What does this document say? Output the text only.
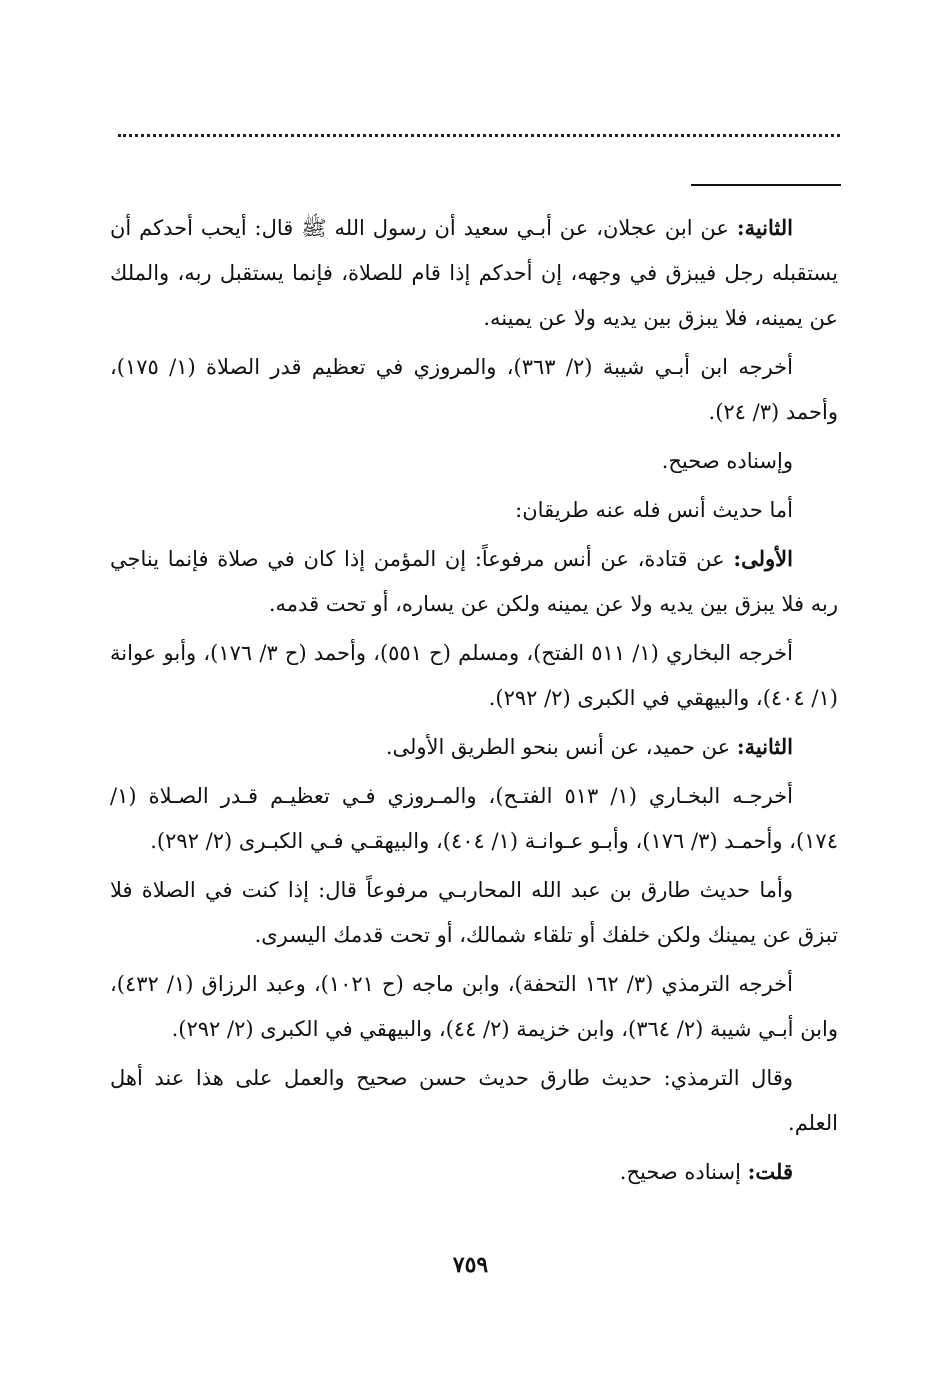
الثانية: عن ابن عجلان، عن أبـي سعيد أن رسول الله ﷺ قال: أيحب أحدكم أن يستقبله رجل فيبزق في وجهه، إن أحدكم إذا قام للصلاة، فإنما يستقبل ربه، والملك عن يمينه، فلا يبزق بين يديه ولا عن يمينه.

أخرجه ابن أبـي شيبة (٢/ ٣٦٣)، والمروزي في تعظيم قدر الصلاة (١/ ١٧٥)، وأحمد (٣/ ٢٤).

وإسناده صحيح.

أما حديث أنس فله عنه طريقان:

الأولى: عن قتادة، عن أنس مرفوعاً: إن المؤمن إذا كان في صلاة فإنما يناجي ربه فلا يبزق بين يديه ولا عن يمينه ولكن عن يساره، أو تحت قدمه.

أخرجه البخاري (١/ ٥١١ الفتح)، ومسلم (ح ٥٥١)، وأحمد (ح ٣/ ١٧٦)، وأبو عوانة (١/ ٤٠٤)، والبيهقي في الكبرى (٢/ ٢٩٢).

الثانية: عن حميد، عن أنس بنحو الطريق الأولى.

أخرجـه البخـاري (١/ ٥١٣ الفتـح)، والمـروزي فـي تعظيـم قـدر الصـلاة (١/ ١٧٤)، وأحمـد (٣/ ١٧٦)، وأبـو عـوانـة (١/ ٤٠٤)، والبيهقـي فـي الكبـرى (٢/ ٢٩٢).

وأما حديث طارق بن عبد الله المحاربـي مرفوعاً قال: إذا كنت في الصلاة فلا تبزق عن يمينك ولكن خلفك أو تلقاء شمالك، أو تحت قدمك اليسرى.

أخرجه الترمذي (٣/ ١٦٢ التحفة)، وابن ماجه (ح ١٠٢١)، وعبد الرزاق (١/ ٤٣٢)، وابن أبـي شيبة (٢/ ٣٦٤)، وابن خزيمة (٢/ ٤٤)، والبيهقي في الكبرى (٢/ ٢٩٢).

وقال الترمذي: حديث طارق حديث حسن صحيح والعمل على هذا عند أهل العلم.

قلت: إسناده صحيح.

٧٥٩
